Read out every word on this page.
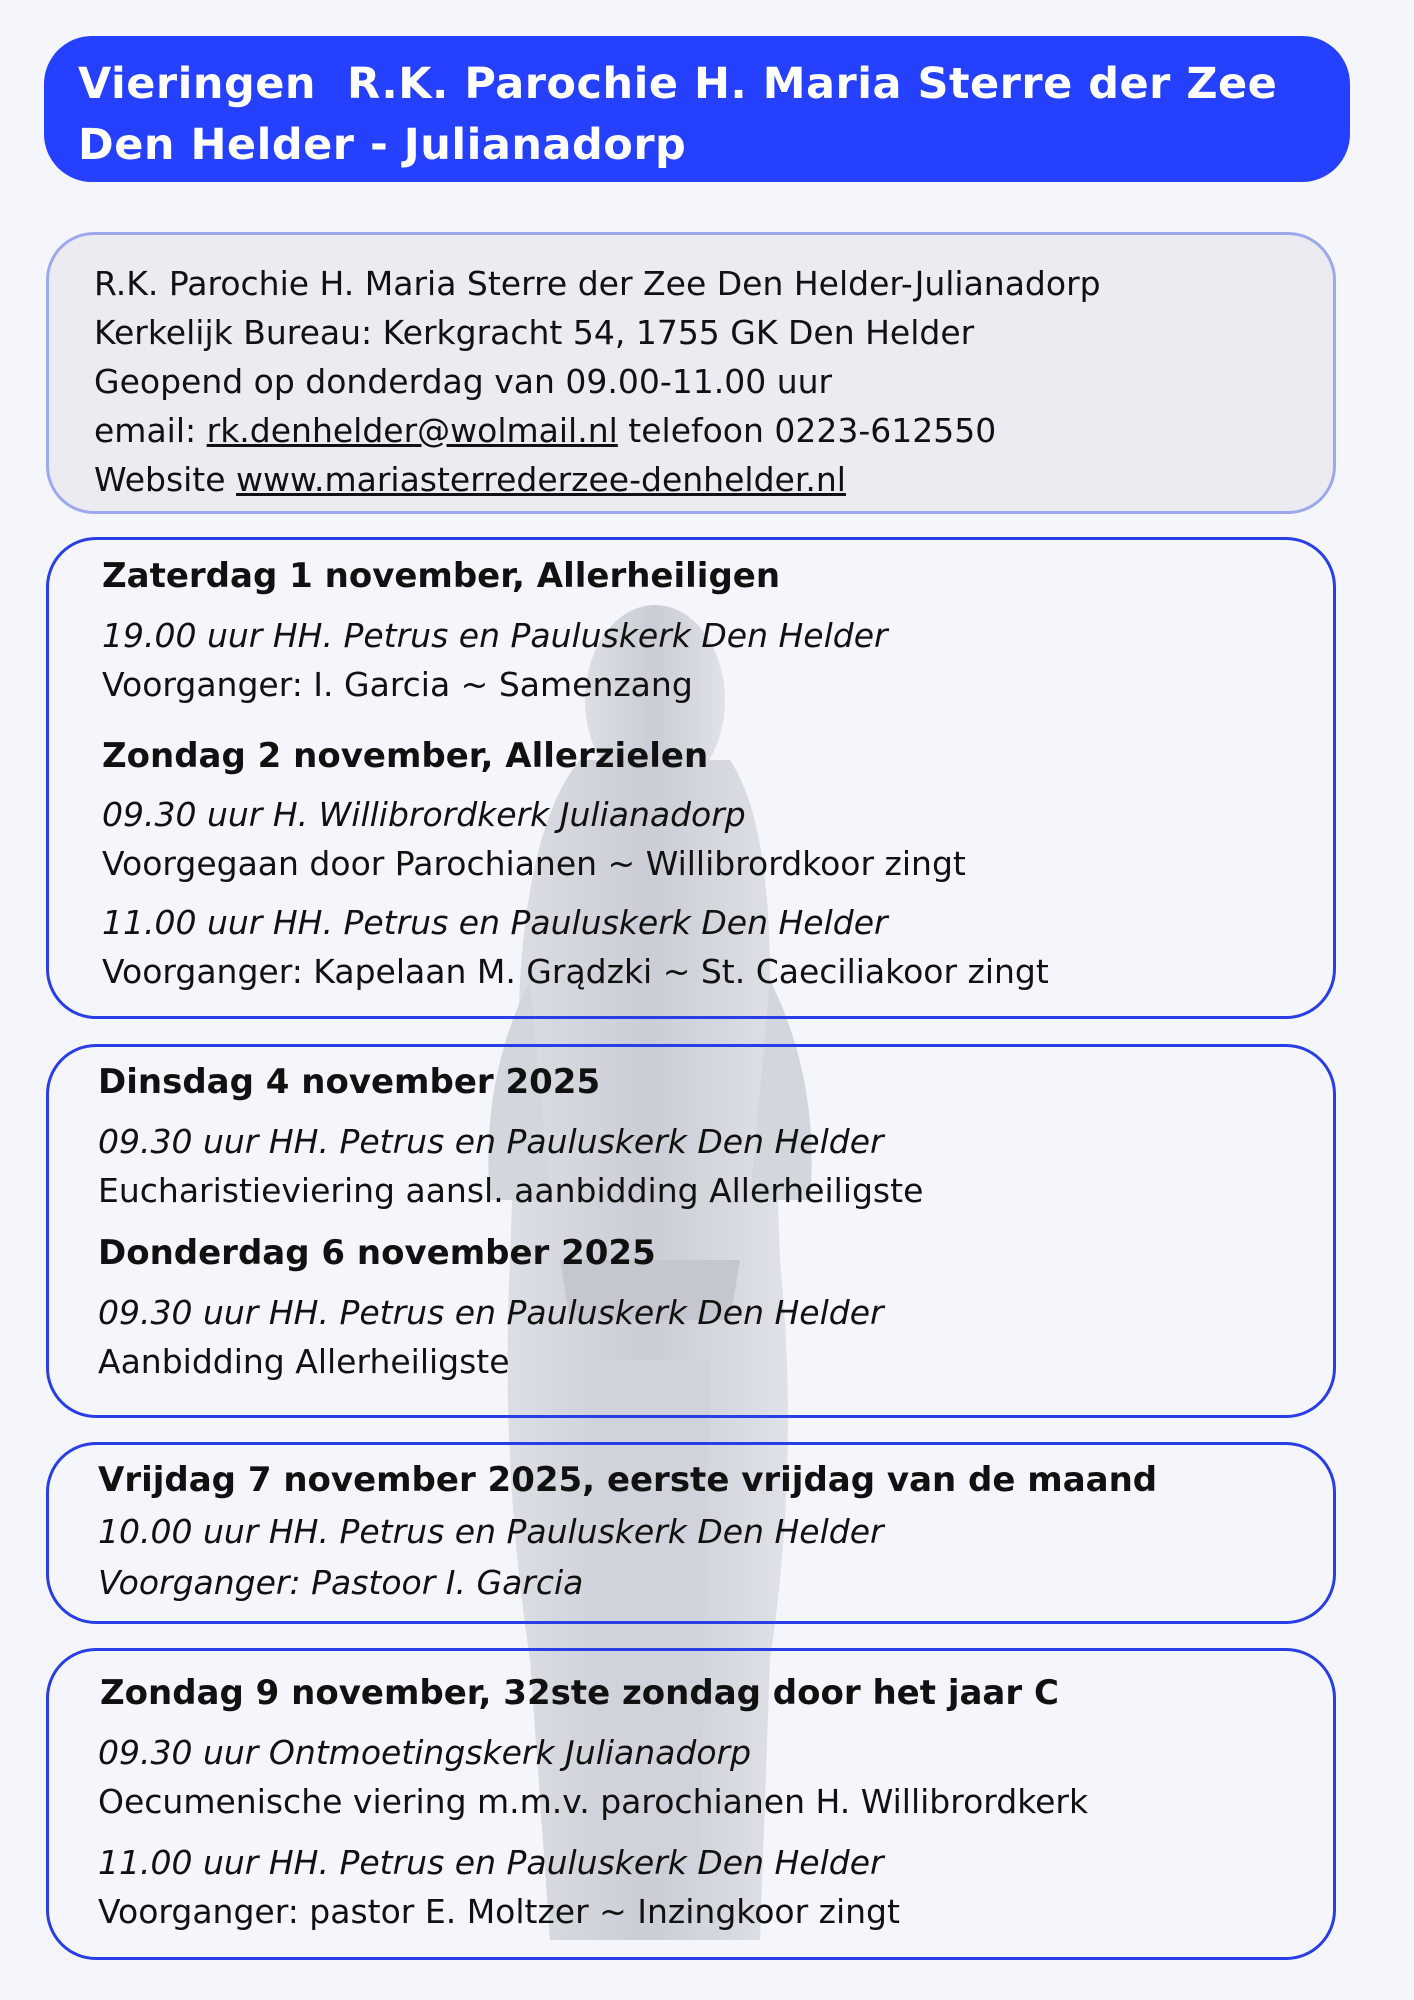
Vieringen  R.K. Parochie H. Maria Sterre der Zee
Den Helder - Julianadorp
R.K. Parochie H. Maria Sterre der Zee Den Helder-Julianadorp
Kerkelijk Bureau: Kerkgracht 54, 1755 GK Den Helder
Geopend op donderdag van 09.00-11.00 uur
email: rk.denhelder@wolmail.nl telefoon 0223-612550
Website www.mariasterrederzee-denhelder.nl
Zaterdag 1 november, Allerheiligen
19.00 uur HH. Petrus en Pauluskerk Den Helder
Voorganger: I. Garcia ~ Samenzang
Zondag 2 november, Allerzielen
09.30 uur H. Willibrordkerk Julianadorp
Voorgegaan door Parochianen ~ Willibrordkoor zingt
11.00 uur HH. Petrus en Pauluskerk Den Helder
Voorganger: Kapelaan M. Grądzki ~ St. Caeciliakoor zingt
Dinsdag 4 november 2025
09.30 uur HH. Petrus en Pauluskerk Den Helder
Eucharistieviering aansl. aanbidding Allerheiligste
Donderdag 6 november 2025
09.30 uur HH. Petrus en Pauluskerk Den Helder
Aanbidding Allerheiligste
Vrijdag 7 november 2025, eerste vrijdag van de maand
10.00 uur HH. Petrus en Pauluskerk Den Helder
Voorganger: Pastoor I. Garcia
Zondag 9 november, 32ste zondag door het jaar C
09.30 uur Ontmoetingskerk Julianadorp
Oecumenische viering m.m.v. parochianen H. Willibrordkerk
11.00 uur HH. Petrus en Pauluskerk Den Helder
Voorganger: pastor E. Moltzer ~ Inzingkoor zingt
